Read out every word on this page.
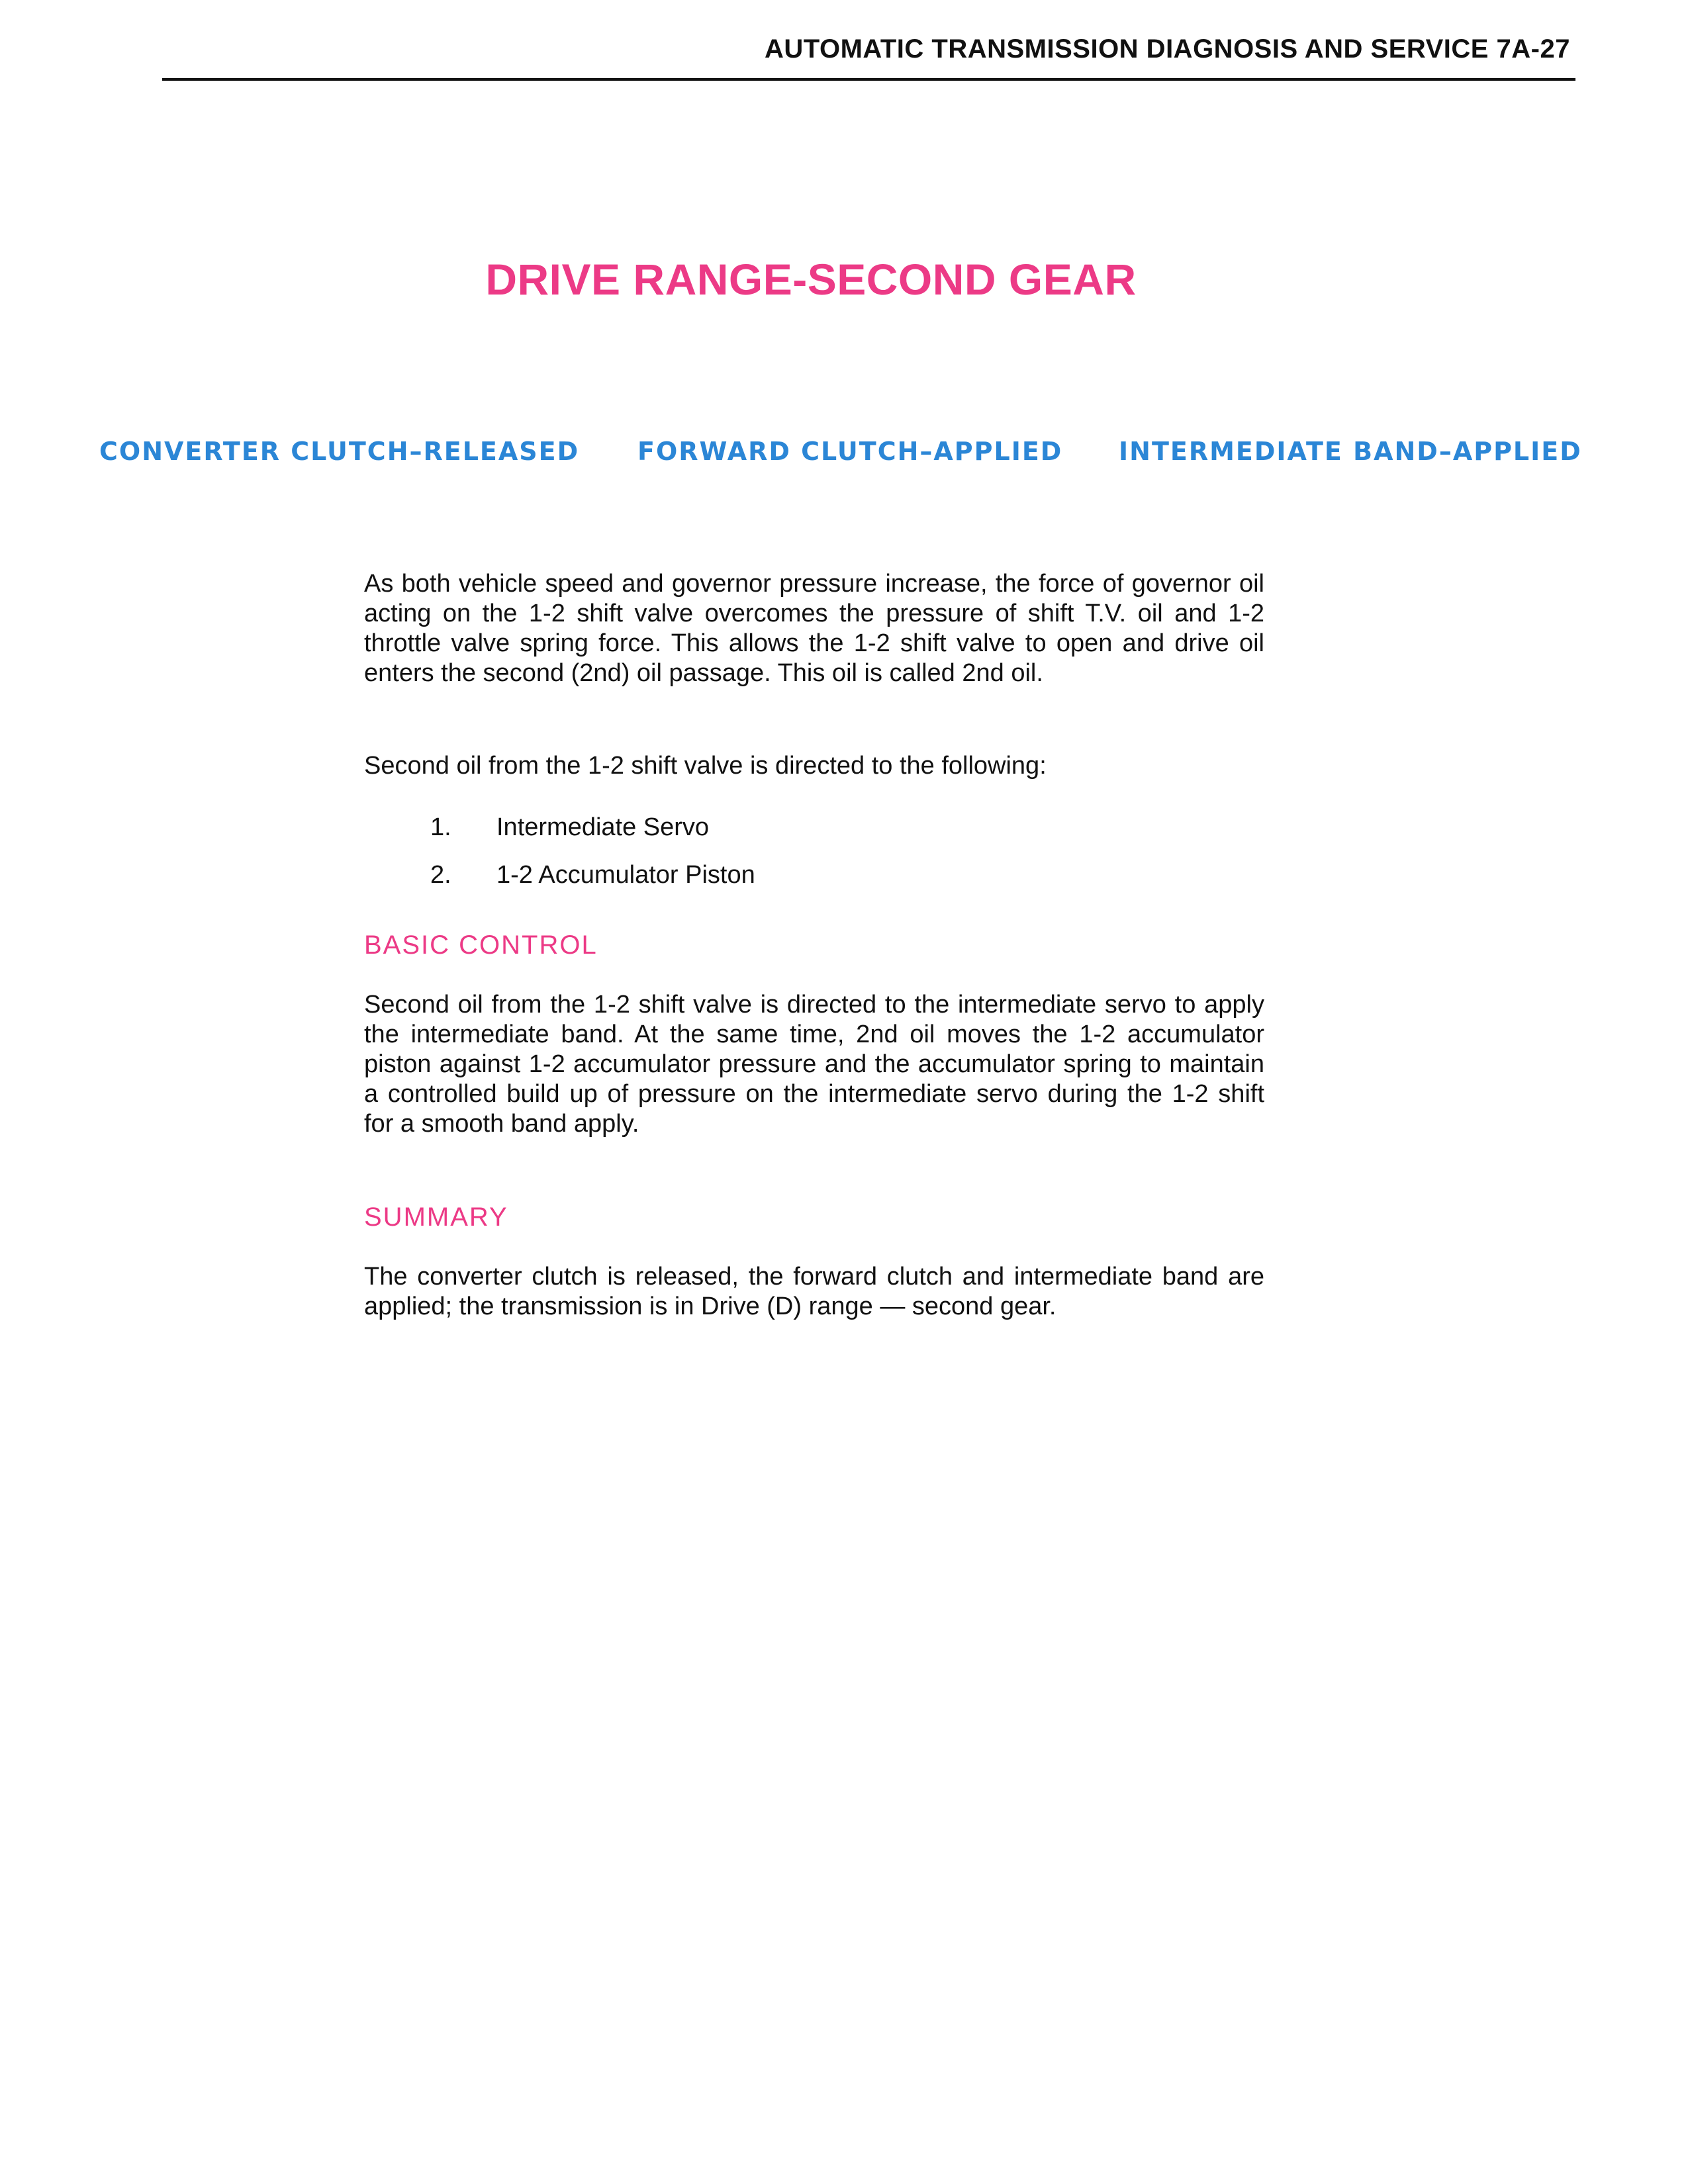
AUTOMATIC TRANSMISSION DIAGNOSIS AND SERVICE 7A-27
DRIVE RANGE-SECOND GEAR
CONVERTER CLUTCH–RELEASED FORWARD CLUTCH–APPLIED INTERMEDIATE BAND–APPLIED

As both vehicle speed and governor pressure increase, the force of governor oil acting on the 1-2 shift valve overcomes the pressure of shift T.V. oil and 1-2 throttle valve spring force. This allows the 1-2 shift valve to open and drive oil enters the second (2nd) oil passage. This oil is called 2nd oil.

Second oil from the 1-2 shift valve is directed to the following:

1. Intermediate Servo
2. 1-2 Accumulator Piston
BASIC CONTROL

Second oil from the 1-2 shift valve is directed to the intermediate servo to apply the intermediate band. At the same time, 2nd oil moves the 1-2 accumulator piston against 1-2 accumulator pressure and the accumulator spring to maintain a controlled build up of pressure on the intermediate servo during the 1-2 shift for a smooth band apply.

SUMMARY

The converter clutch is released, the forward clutch and intermediate band are applied; the transmission is in Drive (D) range — second gear.
